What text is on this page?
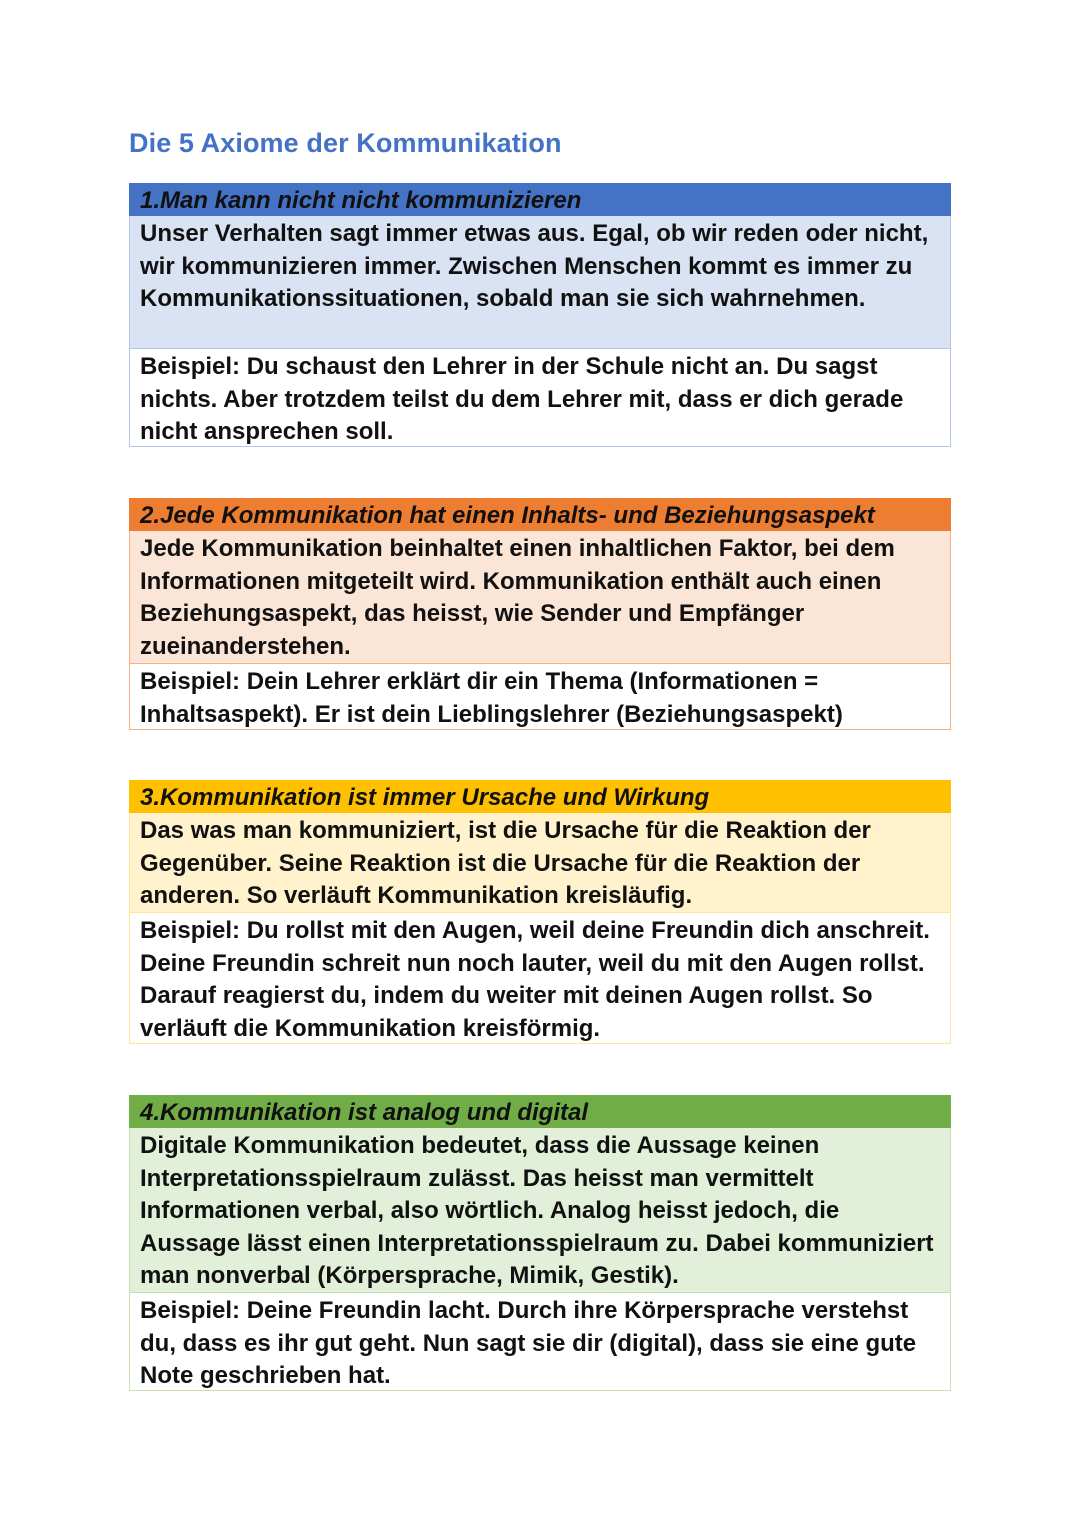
Die 5 Axiome der Kommunikation
1.Man kann nicht nicht kommunizieren
Unser Verhalten sagt immer etwas aus. Egal, ob wir reden oder nicht, wir kommunizieren immer. Zwischen Menschen kommt es immer zu Kommunikationssituationen, sobald man sie sich wahrnehmen.
Beispiel: Du schaust den Lehrer in der Schule nicht an. Du sagst nichts. Aber trotzdem teilst du dem Lehrer mit, dass er dich gerade nicht ansprechen soll.
2.Jede Kommunikation hat einen Inhalts- und Beziehungsaspekt
Jede Kommunikation beinhaltet einen inhaltlichen Faktor, bei dem Informationen mitgeteilt wird. Kommunikation enthält auch einen Beziehungsaspekt, das heisst, wie Sender und Empfänger zueinanderstehen.
Beispiel: Dein Lehrer erklärt dir ein Thema (Informationen = Inhaltsaspekt). Er ist dein Lieblingslehrer (Beziehungsaspekt)
3.Kommunikation ist immer Ursache und Wirkung
Das was man kommuniziert, ist die Ursache für die Reaktion der Gegenüber. Seine Reaktion ist die Ursache für die Reaktion der anderen. So verläuft Kommunikation kreisläufig.
Beispiel: Du rollst mit den Augen, weil deine Freundin dich anschreit. Deine Freundin schreit nun noch lauter, weil du mit den Augen rollst. Darauf reagierst du, indem du weiter mit deinen Augen rollst. So verläuft die Kommunikation kreisförmig.
4.Kommunikation ist analog und digital
Digitale Kommunikation bedeutet, dass die Aussage keinen Interpretationsspielraum zulässt. Das heisst man vermittelt Informationen verbal, also wörtlich. Analog heisst jedoch, die Aussage lässt einen Interpretationsspielraum zu. Dabei kommuniziert man nonverbal (Körpersprache, Mimik, Gestik).
Beispiel: Deine Freundin lacht. Durch ihre Körpersprache verstehst du, dass es ihr gut geht. Nun sagt sie dir (digital), dass sie eine gute Note geschrieben hat.
